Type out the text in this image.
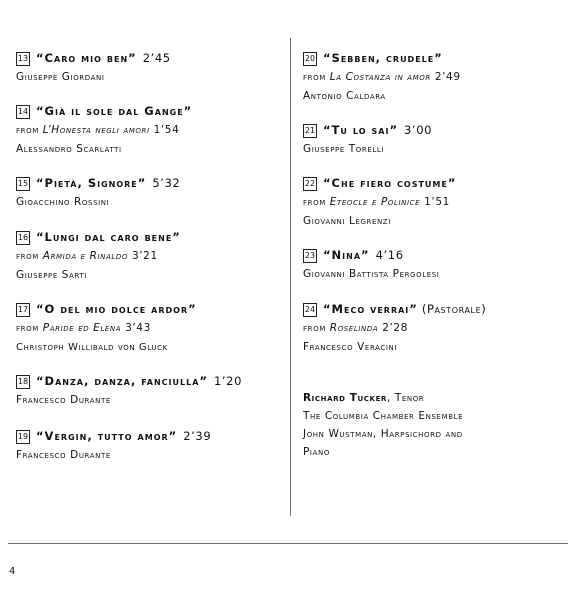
13 “Caro mio ben” 2’45
Giuseppe Giordani
14 “Già il sole dal Gange”
from L’Honesta negli amori 1’54
Alessandro Scarlatti
15 “Pietà, Signore” 5’32
Gioacchino Rossini
16 “Lungi dal caro bene”
from Armida e Rinaldo 3’21
Giuseppe Sarti
17 “O del mio dolce ardor”
from Paride ed Elena 3’43
Christoph Willibald von Gluck
18 “Danza, danza, fanciulla” 1’20
Francesco Durante
19 “Vergin, tutto amor” 2’39
Francesco Durante
20 “Sebben, crudele”
from La Costanza in amor 2’49
Antonio Caldara
21 “Tu lo sai” 3’00
Giuseppe Torelli
22 “Che fiero costume”
from Eteocle e Polinice 1’51
Giovanni Legrenzi
23 “Nina” 4’16
Giovanni Battista Pergolesi
24 “Meco verrai” (Pastorale)
from Roselinda 2’28
Francesco Veracini
Richard Tucker, Tenor
The Columbia Chamber Ensemble
John Wustman, Harpsichord and
Piano
4
